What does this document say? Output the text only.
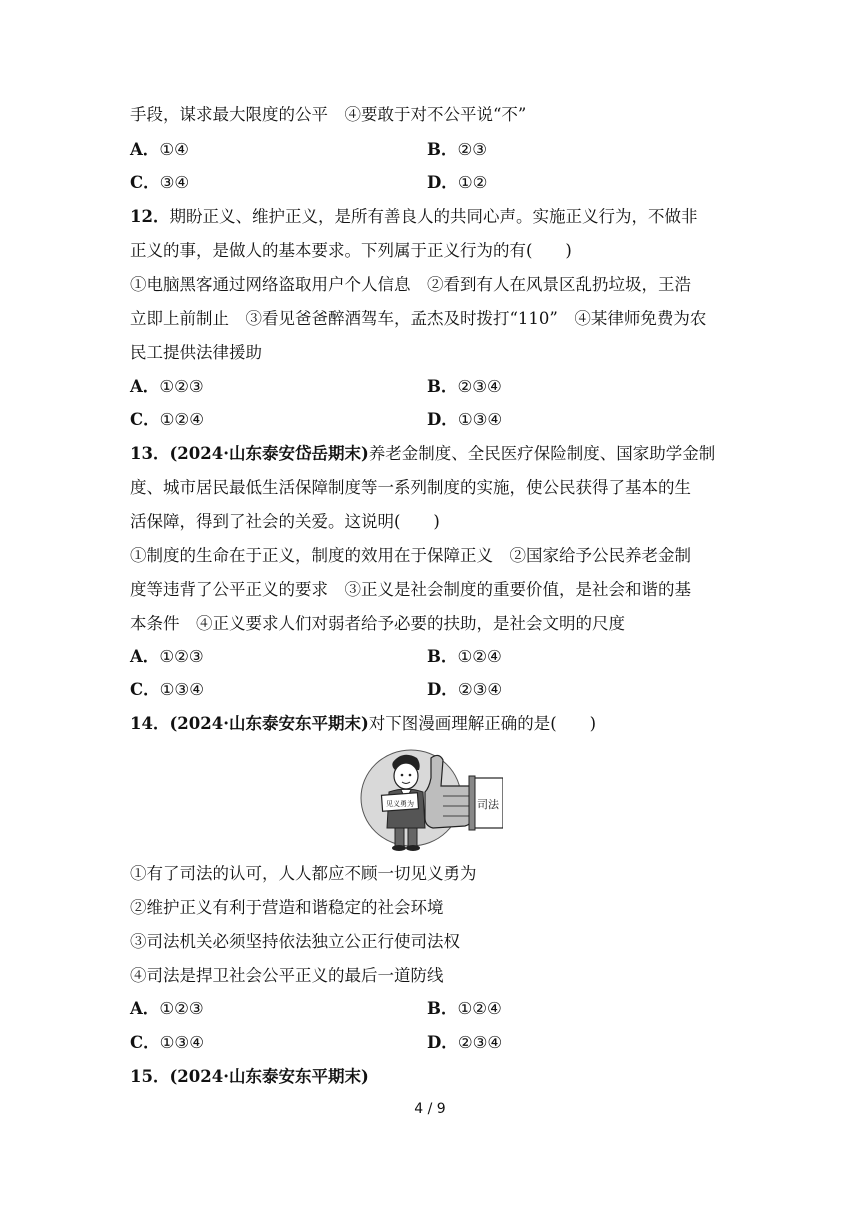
手段，谋求最大限度的公平　④要敢于对不公平说“不”
A．①④	B．②③
C．③④	D．①②
12．期盼正义、维护正义，是所有善良人的共同心声。实施正义行为，不做非
正义的事，是做人的基本要求。下列属于正义行为的有(　　)
①电脑黑客通过网络盗取用户个人信息　②看到有人在风景区乱扔垃圾，王浩
立即上前制止　③看见爸爸醉酒驾车，孟杰及时拨打“110”　④某律师免费为农
民工提供法律援助
A．①②③	B．②③④
C．①②④	D．①③④
13．(2024·山东泰安岱岳期末)养老金制度、全民医疗保险制度、国家助学金制
度、城市居民最低生活保障制度等一系列制度的实施，使公民获得了基本的生
活保障，得到了社会的关爱。这说明(　　)
①制度的生命在于正义，制度的效用在于保障正义　②国家给予公民养老金制
度等违背了公平正义的要求　③正义是社会制度的重要价值，是社会和谐的基
本条件　④正义要求人们对弱者给予必要的扶助，是社会文明的尺度
A．①②③	B．①②④
C．①③④	D．②③④
14．(2024·山东泰安东平期末)对下图漫画理解正确的是(　　)
见义勇为	司法
①有了司法的认可，人人都应不顾一切见义勇为
②维护正义有利于营造和谐稳定的社会环境
③司法机关必须坚持依法独立公正行使司法权
④司法是捍卫社会公平正义的最后一道防线
A．①②③	B．①②④
C．①③④	D．②③④
15．(2024·山东泰安东平期末)
4 / 9
